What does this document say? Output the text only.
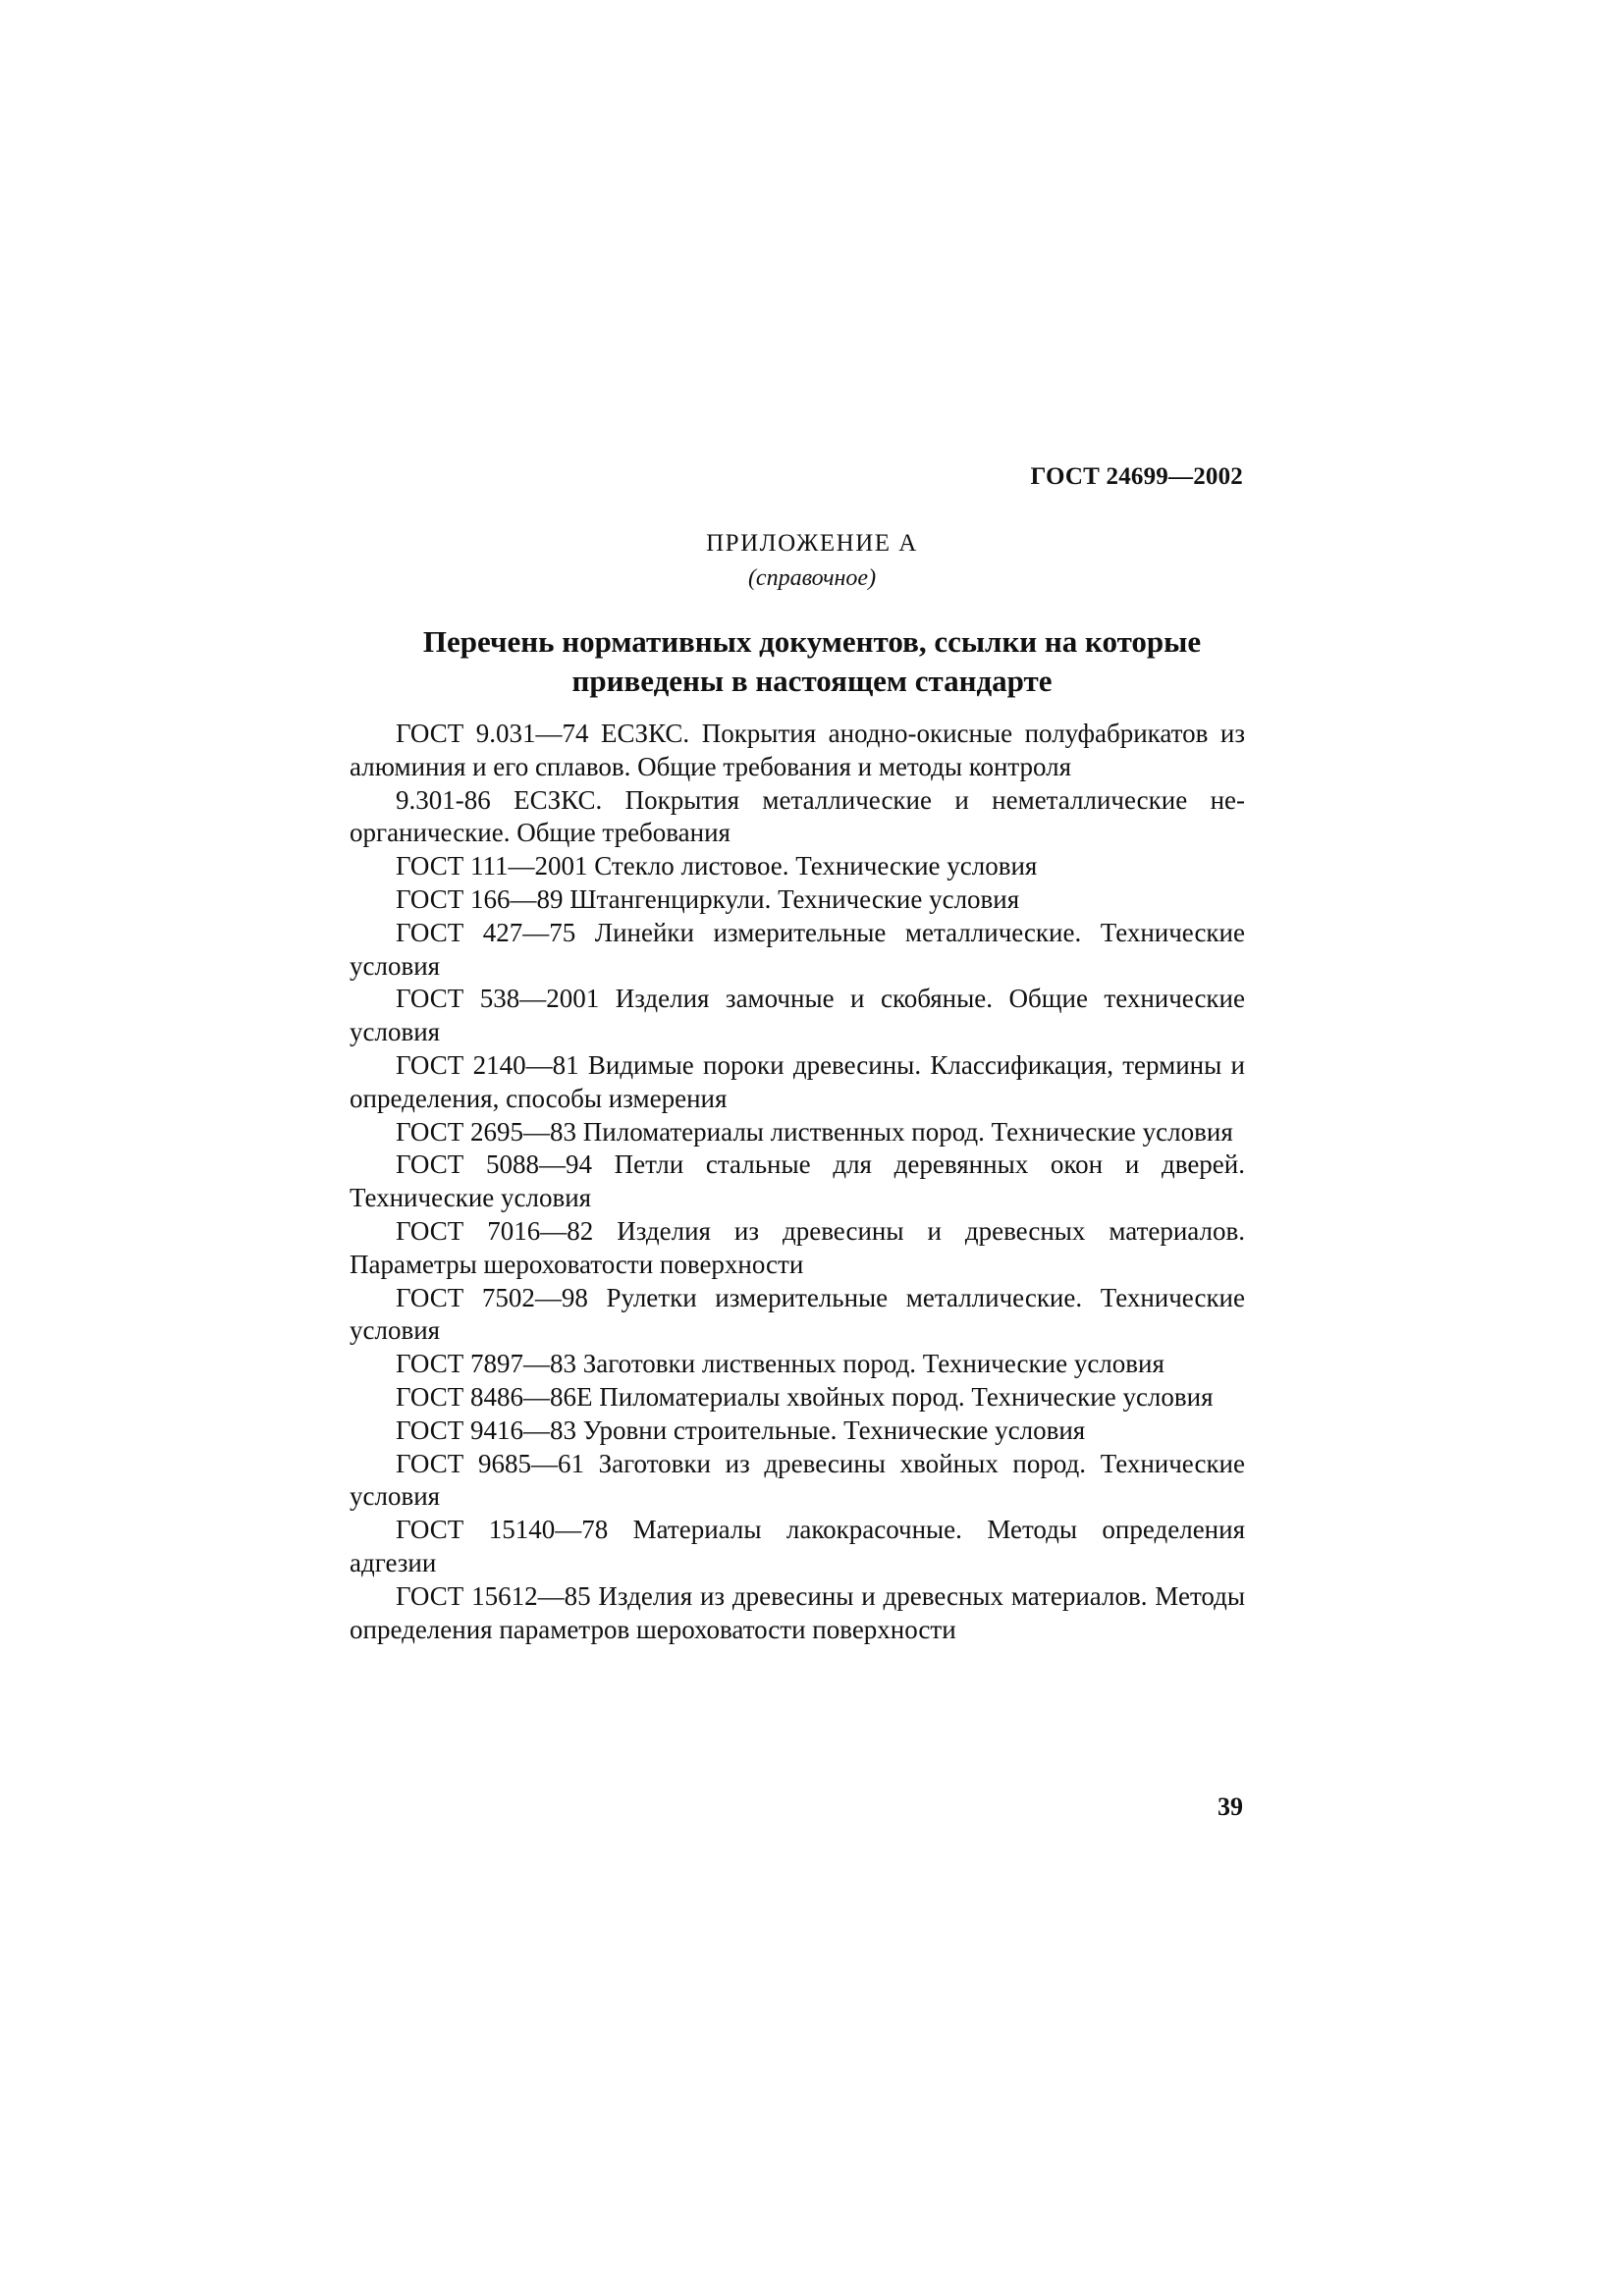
ГОСТ 24699—2002
ПРИЛОЖЕНИЕ А
(справочное)
Перечень нормативных документов, ссылки на которые
приведены в настоящем стандарте

ГОСТ 9.031—74 ЕСЗКС. Покрытия анодно-окисные полуфабрикатов из алюминия и его сплавов. Общие требования и методы контроля

9.301-86 ЕСЗКС. Покрытия металлические и неметаллические неорганические. Общие требования

ГОСТ 111—2001 Стекло листовое. Технические условия

ГОСТ 166—89 Штангенциркули. Технические условия

ГОСТ 427—75 Линейки измерительные металлические. Технические условия

ГОСТ 538—2001 Изделия замочные и скобяные. Общие технические условия

ГОСТ 2140—81 Видимые пороки древесины. Классификация, термины и определения, способы измерения

ГОСТ 2695—83 Пиломатериалы лиственных пород. Технические условия

ГОСТ 5088—94 Петли стальные для деревянных окон и дверей. Технические условия

ГОСТ 7016—82 Изделия из древесины и древесных материалов. Параметры шероховатости поверхности

ГОСТ 7502—98 Рулетки измерительные металлические. Технические условия

ГОСТ 7897—83 Заготовки лиственных пород. Технические условия

ГОСТ 8486—86Е Пиломатериалы хвойных пород. Технические условия

ГОСТ 9416—83 Уровни строительные. Технические условия

ГОСТ 9685—61 Заготовки из древесины хвойных пород. Технические условия

ГОСТ 15140—78 Материалы лакокрасочные. Методы определения адгезии

ГОСТ 15612—85 Изделия из древесины и древесных материалов. Методы определения параметров шероховатости поверхности

39
